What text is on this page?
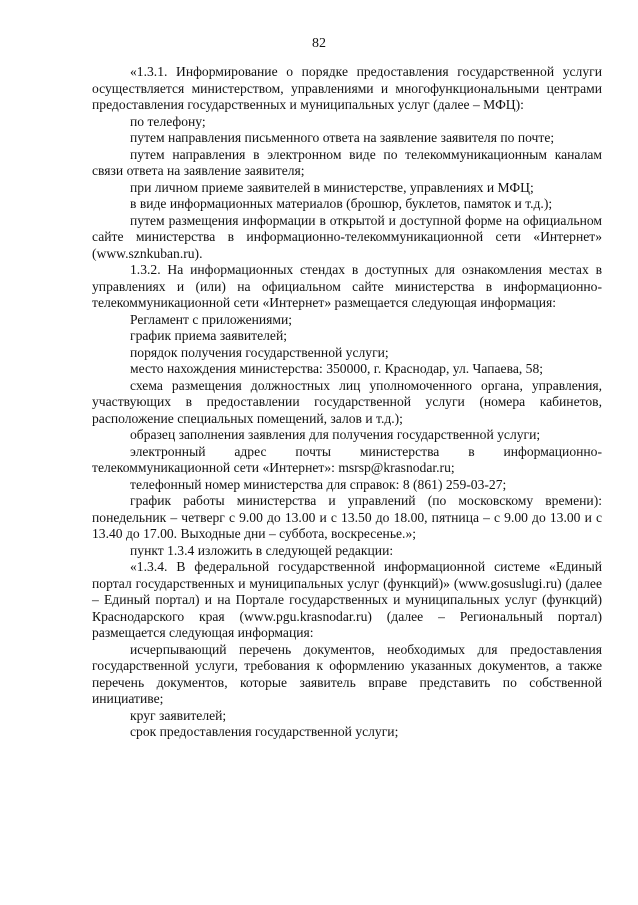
82

«1.3.1. Информирование о порядке предоставления государственной услуги осуществляется министерством, управлениями и многофункциональными центрами предоставления государственных и муниципальных услуг (далее – МФЦ):

по телефону;

путем направления письменного ответа на заявление заявителя по почте;

путем направления в электронном виде по телекоммуникационным каналам связи ответа на заявление заявителя;

при личном приеме заявителей в министерстве, управлениях и МФЦ;

в виде информационных материалов (брошюр, буклетов, памяток и т.д.);

путем размещения информации в открытой и доступной форме на официальном сайте министерства в информационно-телекоммуникационной сети «Интернет» (www.sznkuban.ru).

1.3.2. На информационных стендах в доступных для ознакомления местах в управлениях и (или) на официальном сайте министерства в информационно-телекоммуникационной сети «Интернет» размещается следующая информация:

Регламент с приложениями;

график приема заявителей;

порядок получения государственной услуги;

место нахождения министерства: 350000, г. Краснодар, ул. Чапаева, 58;

схема размещения должностных лиц уполномоченного органа, управления, участвующих в предоставлении государственной услуги (номера кабинетов, расположение специальных помещений, залов и т.д.);

образец заполнения заявления для получения государственной услуги;

электронный адрес почты министерства в информационно-телекоммуникационной сети «Интернет»: msrsp@krasnodar.ru;

телефонный номер министерства для справок: 8 (861) 259-03-27;

график работы министерства и управлений (по московскому времени): понедельник – четверг с 9.00 до 13.00 и с 13.50 до 18.00, пятница – с 9.00 до 13.00 и с 13.40 до 17.00. Выходные дни – суббота, воскресенье.»;

пункт 1.3.4 изложить в следующей редакции:

«1.3.4. В федеральной государственной информационной системе «Единый портал государственных и муниципальных услуг (функций)» (www.gosuslugi.ru) (далее – Единый портал) и на Портале государственных и муниципальных услуг (функций) Краснодарского края (www.pgu.krasnodar.ru) (далее – Региональный портал) размещается следующая информация:

исчерпывающий перечень документов, необходимых для предоставления государственной услуги, требования к оформлению указанных документов, а также перечень документов, которые заявитель вправе представить по собственной инициативе;

круг заявителей;

срок предоставления государственной услуги;
